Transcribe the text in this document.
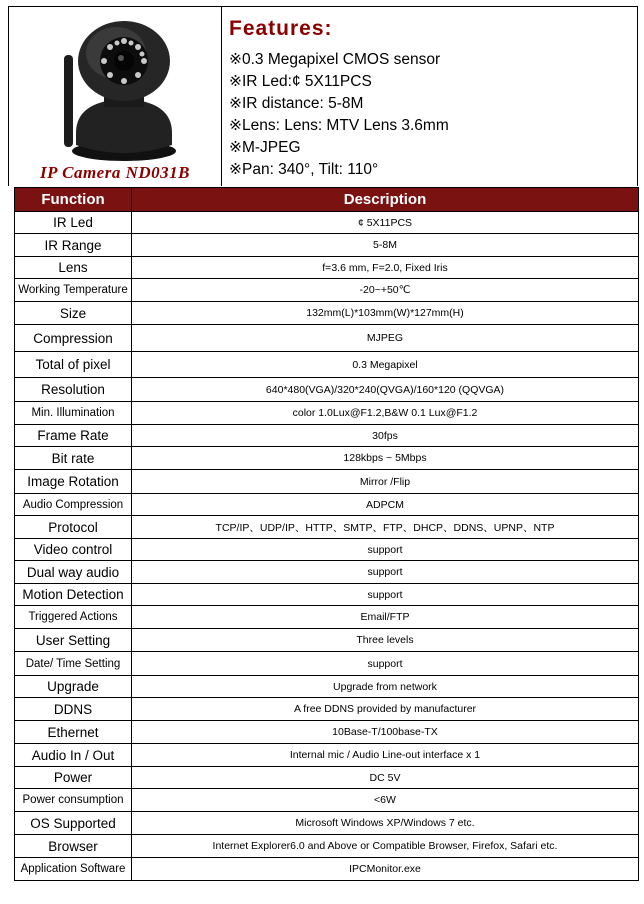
IP Camera ND031B
Features:
※0.3 Megapixel CMOS sensor
※IR Led:¢ 5X11PCS
※IR distance: 5-8M
※Lens: Lens: MTV Lens 3.6mm
※M-JPEG
※Pan: 340°, Tilt: 110°
Function	Description
IR Led	¢ 5X11PCS
IR Range	5-8M
Lens	f=3.6 mm, F=2.0, Fixed Iris
Working Temperature	-20~+50℃
Size	132mm(L)*103mm(W)*127mm(H)
Compression	MJPEG
Total of pixel	0.3 Megapixel
Resolution	640*480(VGA)/320*240(QVGA)/160*120 (QQVGA)
Min. Illumination	color 1.0Lux@F1.2,B&W 0.1 Lux@F1.2
Frame Rate	30fps
Bit rate	128kbps ~ 5Mbps
Image Rotation	Mirror /Flip
Audio Compression	ADPCM
Protocol	TCP/IP、UDP/IP、HTTP、SMTP、FTP、DHCP、DDNS、UPNP、NTP
Video control	support
Dual way audio	support
Motion Detection	support
Triggered Actions	Email/FTP
User Setting	Three levels
Date/ Time Setting	support
Upgrade	Upgrade from network
DDNS	A free DDNS provided by manufacturer
Ethernet	10Base-T/100base-TX
Audio In / Out	Internal mic / Audio Line-out interface x 1
Power	DC 5V
Power consumption	<6W
OS Supported	Microsoft Windows XP/Windows 7 etc.
Browser	Internet Explorer6.0 and Above or Compatible Browser, Firefox, Safari etc.
Application Software	IPCMonitor.exe
